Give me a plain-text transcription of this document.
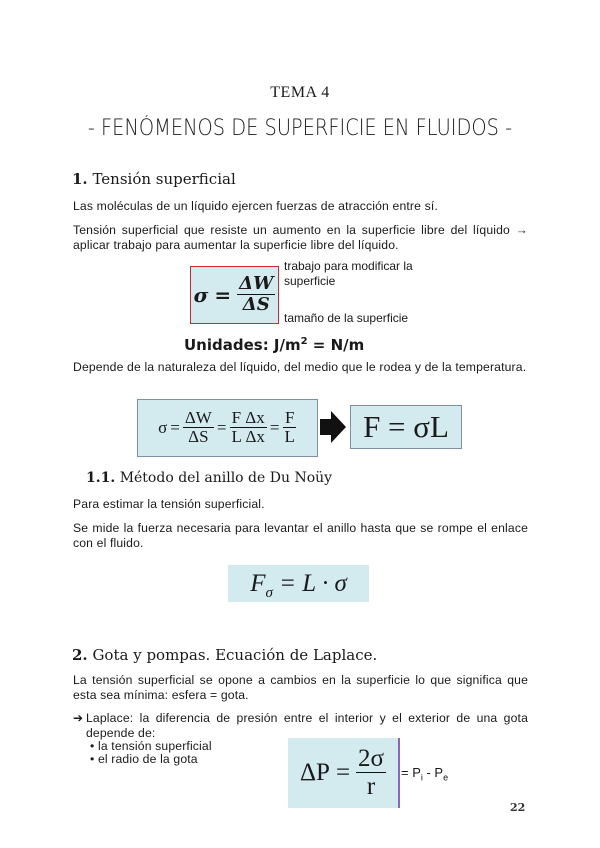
TEMA 4
- FENÓMENOS DE SUPERFICIE EN FLUIDOS -
1. Tensión superficial
Las moléculas de un líquido ejercen fuerzas de atracción entre sí.
Tensión superficial que resiste un aumento en la superficie libre del líquido → aplicar trabajo para aumentar la superficie libre del líquido.
$\sigma = \frac{\Delta W}{\Delta S}$
trabajo para modificar la superficie
tamaño de la superficie
Unidades: $J/m^2 = N/m$
Depende de la naturaleza del líquido, del medio que le rodea y de la temperatura.
$\sigma = \frac{\Delta W}{\Delta S} = \frac{\text{F Δx}}{\text{L Δx}} = \frac{F}{L}$	F = σL
1.1. Método del anillo de Du Noüy
Para estimar la tensión superficial.
Se mide la fuerza necesaria para levantar el anillo hasta que se rompe el enlace con el fluido.
$F_\sigma = L \cdot \sigma$
2. Gota y pompas. Ecuación de Laplace.
La tensión superficial se opone a cambios en la superficie lo que significa que esta sea mínima: esfera = gota.
➔ Laplace: la diferencia de presión entre el interior y el exterior de una gota depende de:
• la tensión superficial
• el radio de la gota	$\Delta P = \frac{2\sigma}{r} = P_i - P_e$
22
